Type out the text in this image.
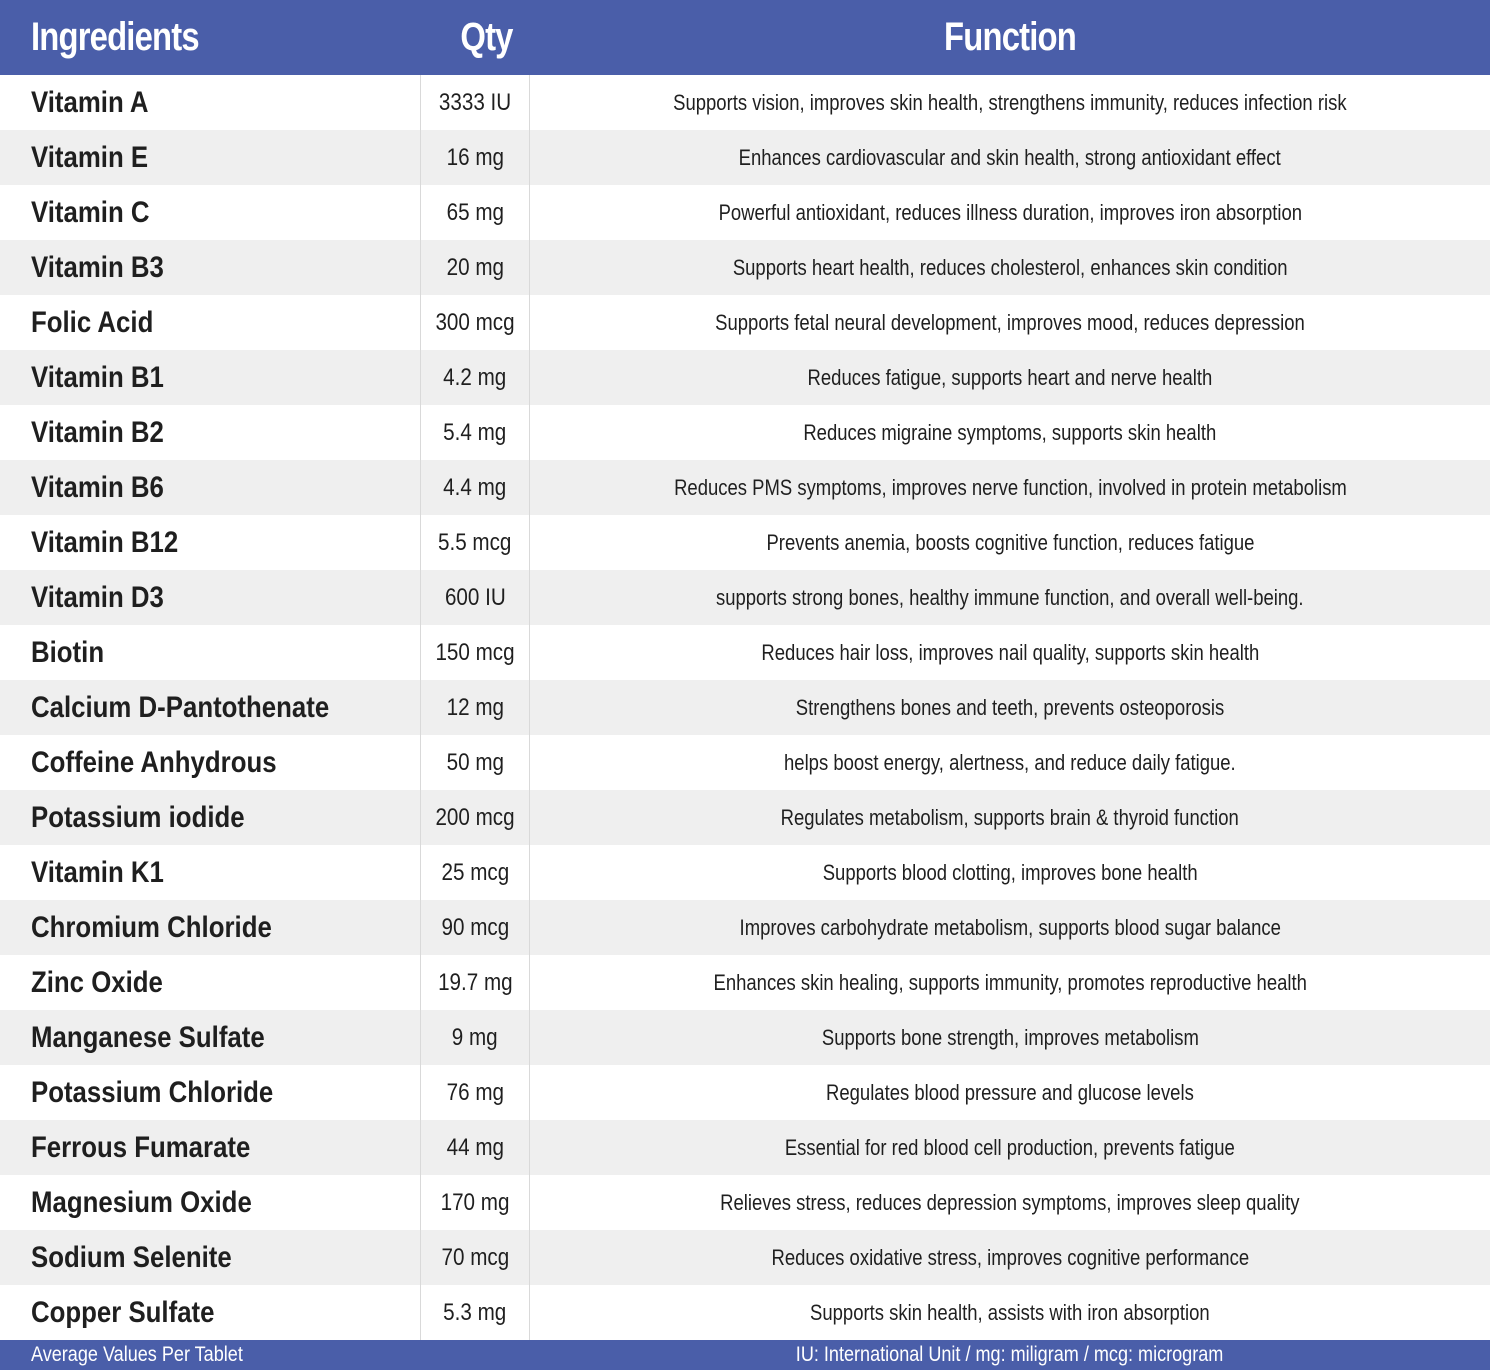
Ingredients	Qty	Function
Vitamin A	3333 IU	Supports vision, improves skin health, strengthens immunity, reduces infection risk
Vitamin E	16 mg	Enhances cardiovascular and skin health, strong antioxidant effect
Vitamin C	65 mg	Powerful antioxidant, reduces illness duration, improves iron absorption
Vitamin B3	20 mg	Supports heart health, reduces cholesterol, enhances skin condition
Folic Acid	300 mcg	Supports fetal neural development, improves mood, reduces depression
Vitamin B1	4.2 mg	Reduces fatigue, supports heart and nerve health
Vitamin B2	5.4 mg	Reduces migraine symptoms, supports skin health
Vitamin B6	4.4 mg	Reduces PMS symptoms, improves nerve function, involved in protein metabolism
Vitamin B12	5.5 mcg	Prevents anemia, boosts cognitive function, reduces fatigue
Vitamin D3	600 IU	supports strong bones, healthy immune function, and overall well-being.
Biotin	150 mcg	Reduces hair loss, improves nail quality, supports skin health
Calcium D-Pantothenate	12 mg	Strengthens bones and teeth, prevents osteoporosis
Coffeine Anhydrous	50 mg	helps boost energy, alertness, and reduce daily fatigue.
Potassium iodide	200 mcg	Regulates metabolism, supports brain & thyroid function
Vitamin K1	25 mcg	Supports blood clotting, improves bone health
Chromium Chloride	90 mcg	Improves carbohydrate metabolism, supports blood sugar balance
Zinc Oxide	19.7 mg	Enhances skin healing, supports immunity, promotes reproductive health
Manganese Sulfate	9 mg	Supports bone strength, improves metabolism
Potassium Chloride	76 mg	Regulates blood pressure and glucose levels
Ferrous Fumarate	44 mg	Essential for red blood cell production, prevents fatigue
Magnesium Oxide	170 mg	Relieves stress, reduces depression symptoms, improves sleep quality
Sodium Selenite	70 mcg	Reduces oxidative stress, improves cognitive performance
Copper Sulfate	5.3 mg	Supports skin health, assists with iron absorption
Average Values Per Tablet	IU: International Unit / mg: miligram / mcg: microgram
